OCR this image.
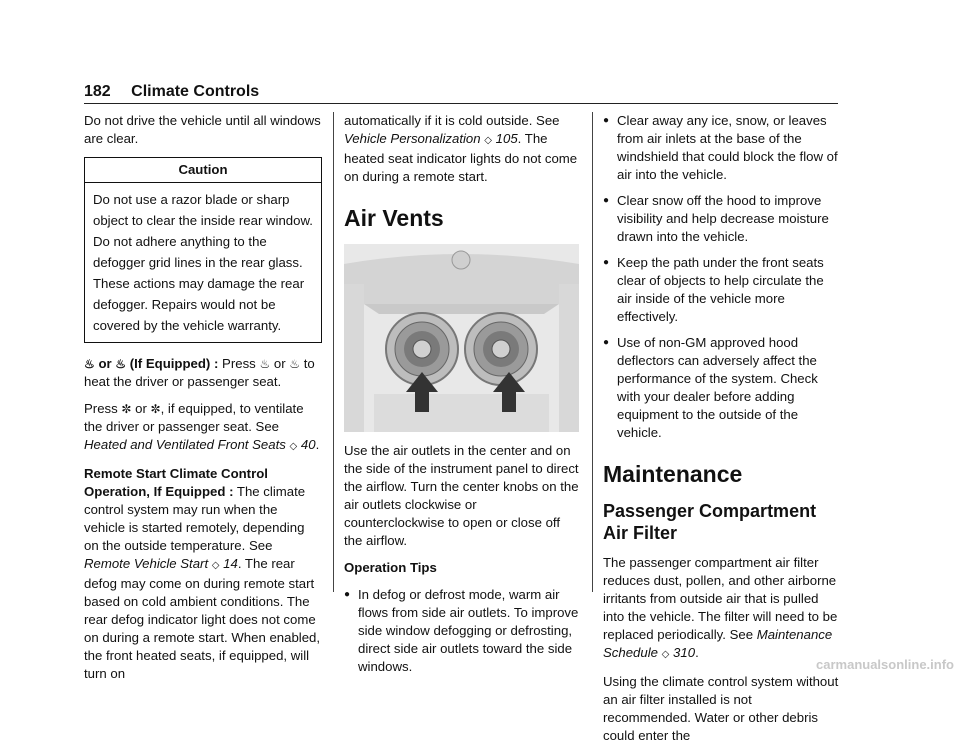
182 Climate Controls

Do not drive the vehicle until all windows are clear.

Caution
Do not use a razor blade or sharp object to clear the inside rear window. Do not adhere anything to the defogger grid lines in the rear glass. These actions may damage the rear defogger. Repairs would not be covered by the vehicle warranty.

♨ or ♨ (If Equipped) : Press ♨ or ♨ to heat the driver or passenger seat.

Press ✼ or ✼, if equipped, to ventilate the driver or passenger seat. See Heated and Ventilated Front Seats ◇ 40.

Remote Start Climate Control Operation, If Equipped : The climate control system may run when the vehicle is started remotely, depending on the outside temperature. See Remote Vehicle Start ◇ 14. The rear defog may come on during remote start based on cold ambient conditions. The rear defog indicator light does not come on during a remote start. When enabled, the front heated seats, if equipped, will turn on

automatically if it is cold outside. See Vehicle Personalization ◇ 105. The heated seat indicator lights do not come on during a remote start.

Air Vents

Use the air outlets in the center and on the side of the instrument panel to direct the airflow. Turn the center knobs on the air outlets clockwise or counterclockwise to open or close off the airflow.

Operation Tips

● In defog or defrost mode, warm air flows from side air outlets. To improve side window defogging or defrosting, direct side air outlets toward the side windows.
● Clear away any ice, snow, or leaves from air inlets at the base of the windshield that could block the flow of air into the vehicle.
● Clear snow off the hood to improve visibility and help decrease moisture drawn into the vehicle.
● Keep the path under the front seats clear of objects to help circulate the air inside of the vehicle more effectively.
● Use of non-GM approved hood deflectors can adversely affect the performance of the system. Check with your dealer before adding equipment to the outside of the vehicle.
Maintenance
Passenger Compartment Air Filter

The passenger compartment air filter reduces dust, pollen, and other airborne irritants from outside air that is pulled into the vehicle. The filter will need to be replaced periodically. See Maintenance Schedule ◇ 310.

Using the climate control system without an air filter installed is not recommended. Water or other debris could enter the

carmanualsonline.info
